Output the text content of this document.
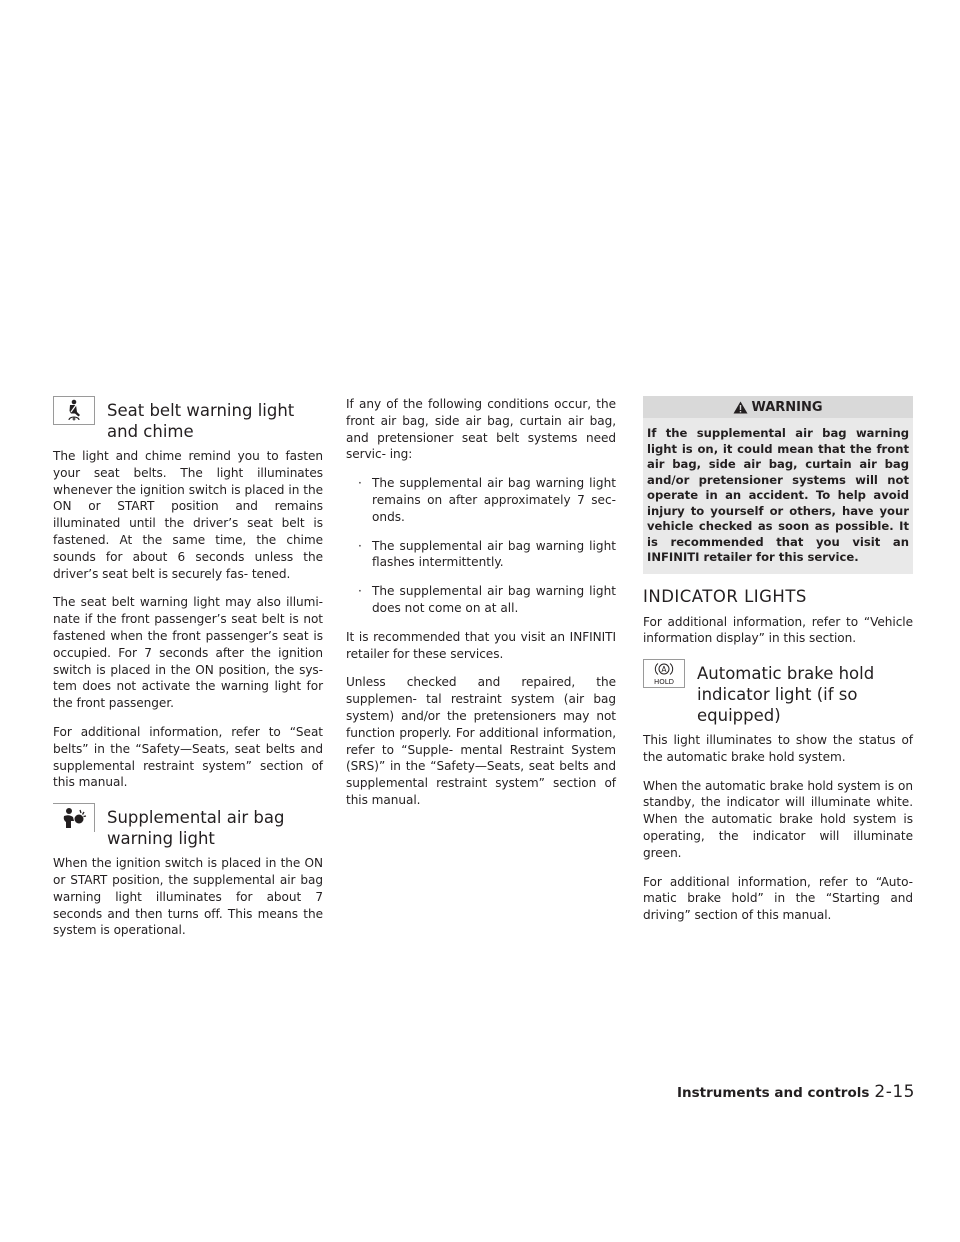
Seat belt warning light and chime

The light and chime remind you to fasten your seat belts. The light illuminates whenever the ignition switch is placed in the ON or START position and remains illuminated until the driver’s seat belt is fastened. At the same time, the chime sounds for about 6 seconds unless the driver’s seat belt is securely fas- tened.

The seat belt warning light may also illumi- nate if the front passenger’s seat belt is not fastened when the front passenger’s seat is occupied. For 7 seconds after the ignition switch is placed in the ON position, the sys- tem does not activate the warning light for the front passenger.

For additional information, refer to “Seat belts” in the “Safety—Seats, seat belts and supplemental restraint system” section of this manual.

Supplemental air bag warning light

When the ignition switch is placed in the ON or START position, the supplemental air bag warning light illuminates for about 7 seconds and then turns off. This means the system is operational.

If any of the following conditions occur, the front air bag, side air bag, curtain air bag, and pretensioner seat belt systems need servic- ing:

· The supplemental air bag warning light remains on after approximately 7 sec- onds.
· The supplemental air bag warning light flashes intermittently.
· The supplemental air bag warning light does not come on at all.

It is recommended that you visit an INFINITI retailer for these services.

Unless checked and repaired, the supplemen- tal restraint system (air bag system) and/or the pretensioners may not function properly. For additional information, refer to “Supple- mental Restraint System (SRS)” in the “Safety—Seats, seat belts and supplemental restraint system” section of this manual.

WARNING
If the supplemental air bag warning light is on, it could mean that the front air bag, side air bag, curtain air bag and/or pretensioner systems will not operate in an accident. To help avoid injury to yourself or others, have your vehicle checked as soon as possible. It is recommended that you visit an INFINITI retailer for this service.
INDICATOR LIGHTS

For additional information, refer to “Vehicle information display” in this section.

A
HOLD Automatic brake hold indicator light (if so equipped)

This light illuminates to show the status of the automatic brake hold system.

When the automatic brake hold system is on standby, the indicator will illuminate white. When the automatic brake hold system is operating, the indicator will illuminate green.

For additional information, refer to “Auto- matic brake hold” in the “Starting and driving” section of this manual.

Instruments and controls 2-15
